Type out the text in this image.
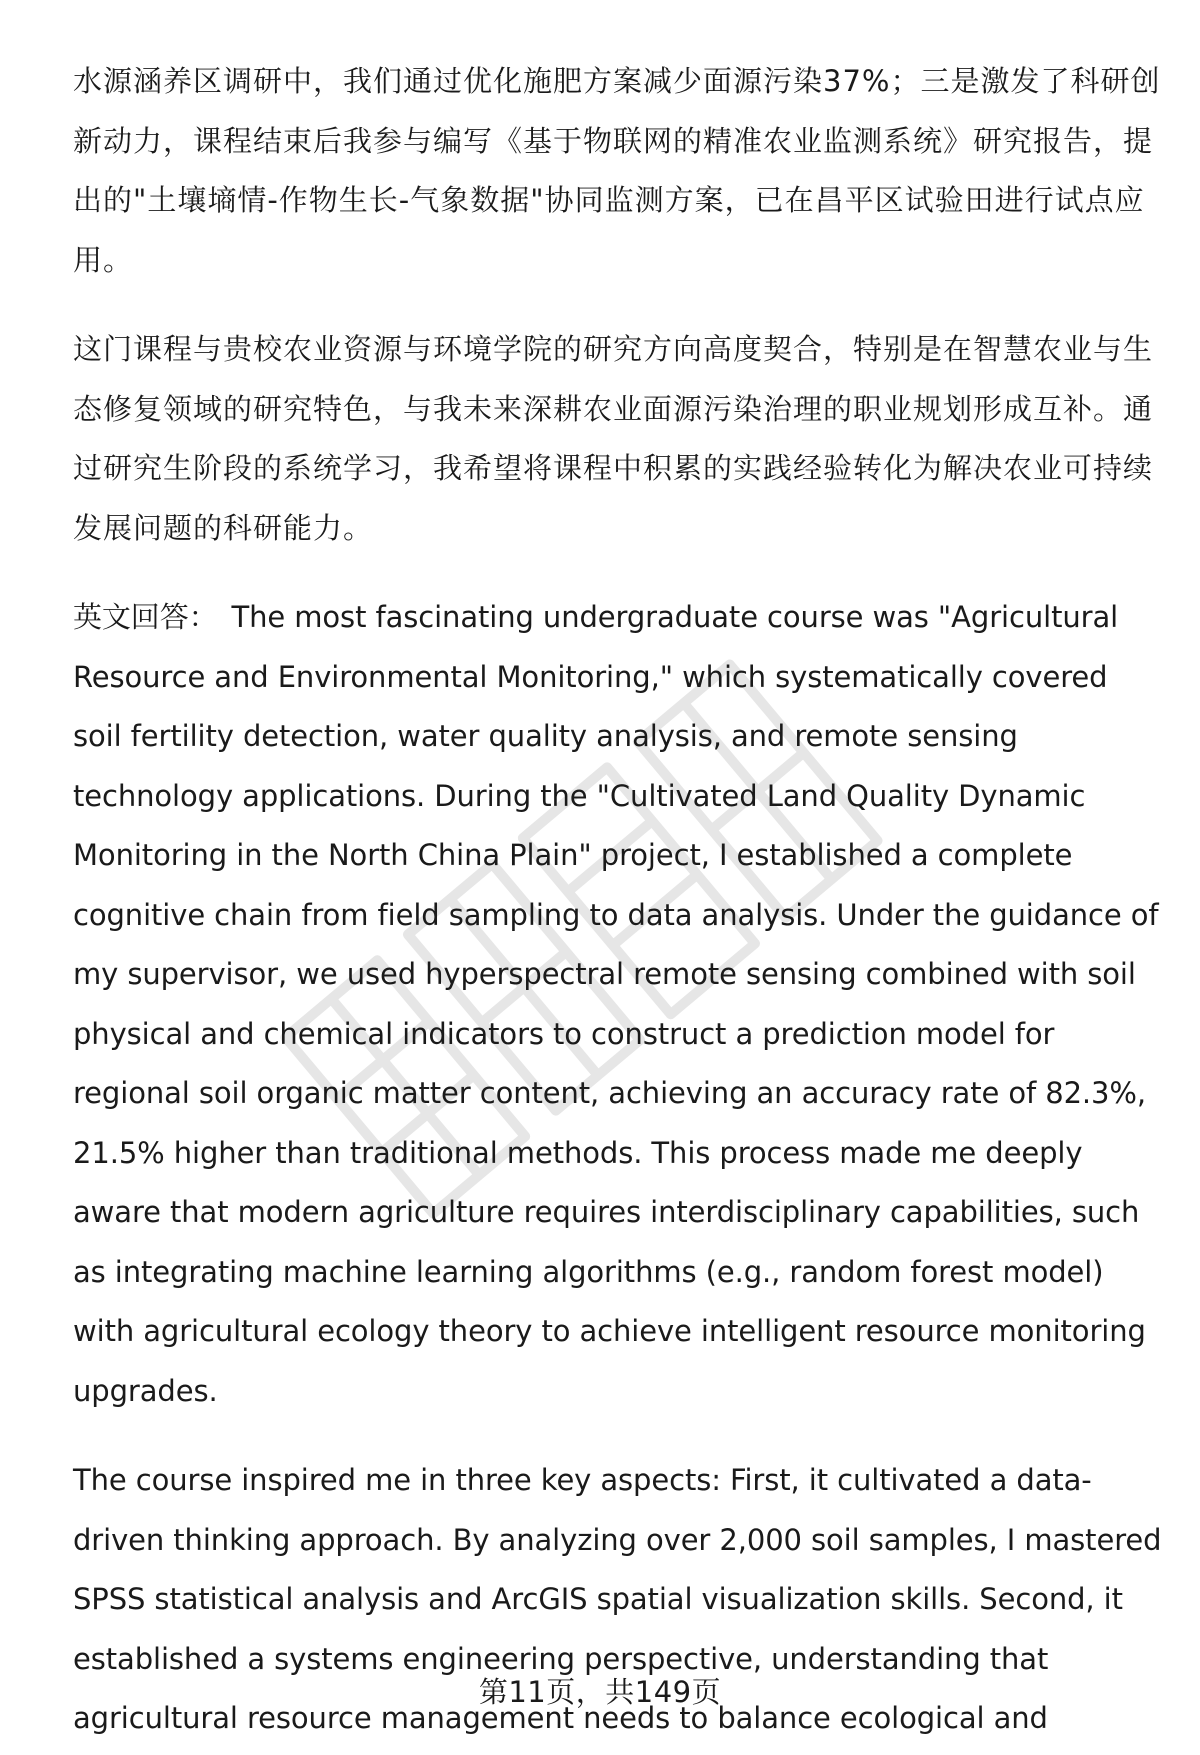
水源涵养区调研中，我们通过优化施肥方案减少面源污染37%；三是激发了科研创新动力，课程结束后我参与编写《基于物联网的精准农业监测系统》研究报告，提出的"土壤墒情-作物生长-气象数据"协同监测方案，已在昌平区试验田进行试点应用。

这门课程与贵校农业资源与环境学院的研究方向高度契合，特别是在智慧农业与生态修复领域的研究特色，与我未来深耕农业面源污染治理的职业规划形成互补。通过研究生阶段的系统学习，我希望将课程中积累的实践经验转化为解决农业可持续发展问题的科研能力。

英文回答： The most fascinating undergraduate course was "Agricultural Resource and Environmental Monitoring," which systematically covered soil fertility detection, water quality analysis, and remote sensing technology applications. During the "Cultivated Land Quality Dynamic Monitoring in the North China Plain" project, I established a complete cognitive chain from field sampling to data analysis. Under the guidance of my supervisor, we used hyperspectral remote sensing combined with soil physical and chemical indicators to construct a prediction model for regional soil organic matter content, achieving an accuracy rate of 82.3%, 21.5% higher than traditional methods. This process made me deeply aware that modern agriculture requires interdisciplinary capabilities, such as integrating machine learning algorithms (e.g., random forest model) with agricultural ecology theory to achieve intelligent resource monitoring upgrades.

The course inspired me in three key aspects: First, it cultivated a data-driven thinking approach. By analyzing over 2,000 soil samples, I mastered SPSS statistical analysis and ArcGIS spatial visualization skills. Second, it established a systems engineering perspective, understanding that agricultural resource management needs to balance ecological and

第11页，共149页
